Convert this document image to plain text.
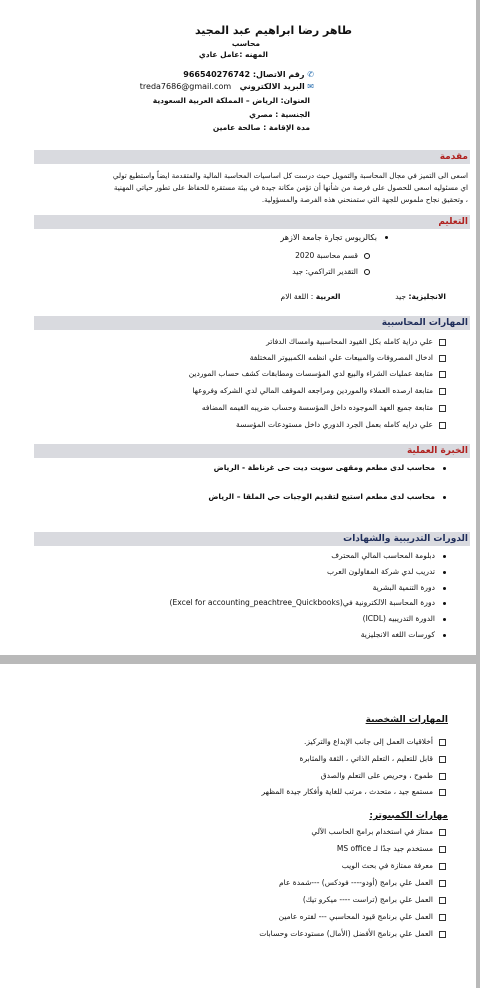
طاهر رضا ابراهيم عبد المجيد
محاسب
المهنه :عامل عادي
966540276742 رقم الاتصال: ✆
treda7686@gmail.com البريد الالكتروني ✉
العنوان: الرياض – المملكة العربية السعودية
الجنسية : مصري
مدة الإقامة : صالحة عامين
مقدمة
اسعى الى التميز في مجال المحاسبة والتمويل حيث درست كل اساسيات المحاسبة المالية والمتقدمة ايضاً واستطيع تولي
اي مسئوليه اسعى للحصول على فرصة من شأنها أن تؤمن مكانة جيدة في بيئة مستقرة للحفاظ على تطور حياتي المهنية
، وتحقيق نجاح ملموس للجهة التي ستمنحني هذه الفرصة والمسؤولية.
التعليم
بكالريوس تجارة جامعة الازهر
قسم محاسبة 2020
التقدير التراكمي: جيد
الانجليزية: جيد  العربية : اللغة الام
المهارات المحاسبية
علي دراية كامله بكل القيود المحاسبية وامساك الدفاتر
ادخال المصروفات والمبيعات علي انظمه الكمبيوتر المختلفة
متابعة عمليات الشراء والبيع لدي المؤسسات ومطابقات كشف حساب الموردين
متابعة ارصده العملاء والموردين ومراجعه الموقف المالي لدي الشركه وفروعها
متابعة جميع العهد الموجوده داخل المؤسسة وحساب ضريبه القيمه المضافه
علي درايه كامله بعمل الجرد الدوري داخل مستودعات المؤسسة
الخبرة العملية
محاسب لدى مطعم ومقهى سويت ديت حى غرناطة - الرياض
محاسب لدى مطعم استيج لتقديم الوجبات حي الملقا – الرياض
الدورات التدريبية والشهادات
دبلومة المحاسب المالي المحترف
تدريب لدي شركة المقاولون العرب
دورة التنمية البشرية
دورة المحاسبة الالكترونية في(Excel for accounting_peachtree_Quickbooks)
الدورة التدريبيه (ICDL)
كورسات اللغه الانجليزية
المهارات الشخصية
أخلاقيات العمل إلى جانب الإبداع والتركيز.
قابل للتعليم ، التعلم الذاتي ، الثقة والمثابرة
طموح ، وحريص على التعلم والصدق
مستمع جيد ، متحدث ، مرتب للغاية وأفكار جيدة المظهر
مهارات الكمبيوتر:
ممتاز في استخدام برامج الحاسب الآلي
مستخدم جيد جدًا لـ MS office
معرفة ممتازة في بحث الويب
العمل علي برامج (أودو---- فودكس) ---شمدة عام
العمل علي برامج (تراست ---- ميكرو تيك)
العمل علي برنامج قيود المحاسبي --- لفتره عامين
العمل علي برنامج الأفضل (الأمال) مستودعات وحسابات
